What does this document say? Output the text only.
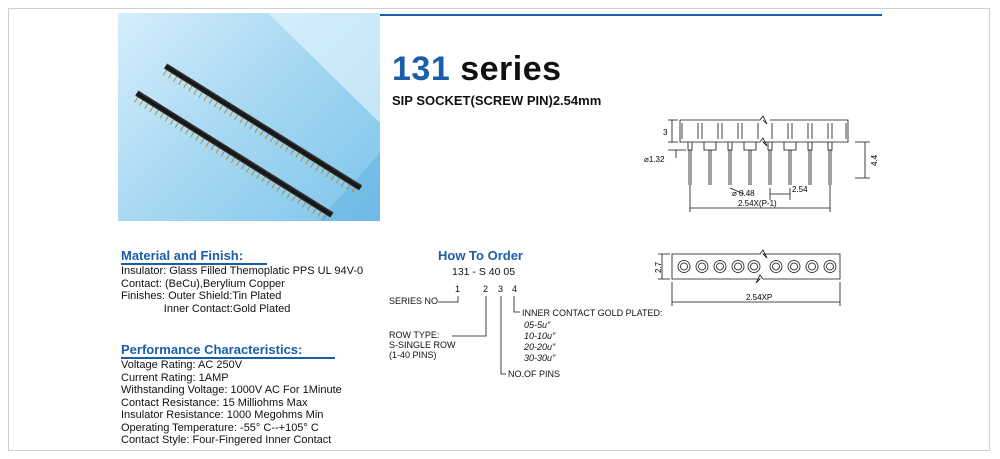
131 series
SIP SOCKET(SCREW PIN)2.54mm
3
⌀1.32	4.4
⌀ 0.48	2.54
2.54X(P-1)
2.7
2.54XP
Material and Finish:
Insulator: Glass Filled Themoplatic PPS UL 94V-0
Contact: (BeCu),Berylium Copper
Finishes: Outer Shield:Tin Plated
Inner Contact:Gold Plated
Performance Characteristics:
Voltage Rating: AC 250V
Current Rating: 1AMP
Withstanding Voltage: 1000V AC For 1Minute
Contact Resistance: 15 Milliohms Max
Insulator Resistance: 1000 Megohms Min
Operating Temperature: -55° C--+105° C
Contact Style: Four-Fingered Inner Contact
How To Order
131 - S 40 05
1	2 3 4
SERIES NO
ROW TYPE:
S-SINGLE ROW
(1-40 PINS)
NO.OF PINS
INNER CONTACT GOLD PLATED:
05-5u"
10-10u"
20-20u"
30-30u"
